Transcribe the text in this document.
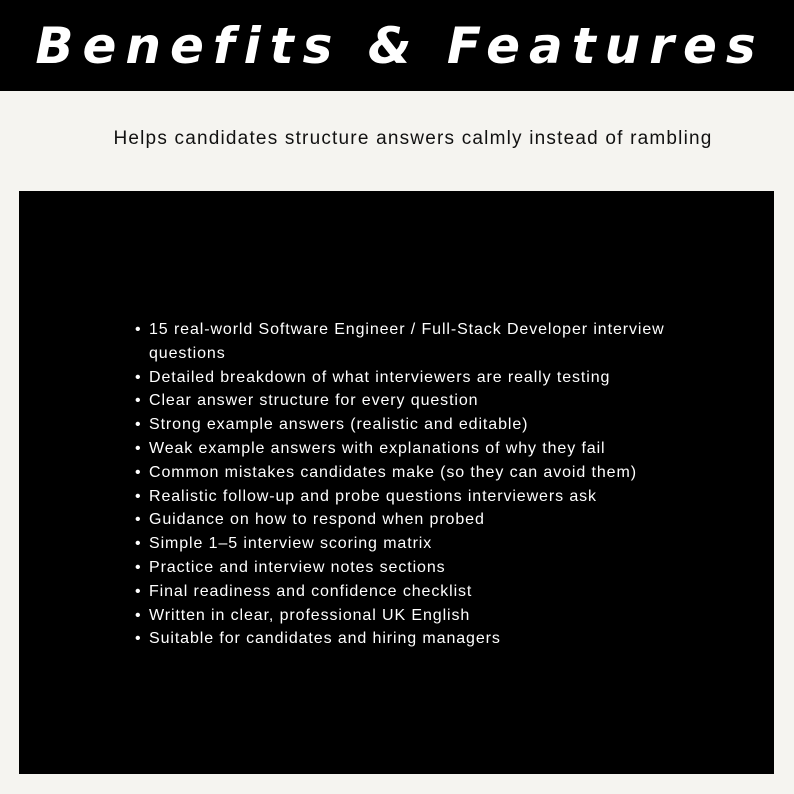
Benefits & Features
Helps candidates structure answers calmly instead of rambling
• 15 real-world Software Engineer / Full-Stack Developer interview questions
• Detailed breakdown of what interviewers are really testing
• Clear answer structure for every question
• Strong example answers (realistic and editable)
• Weak example answers with explanations of why they fail
• Common mistakes candidates make (so they can avoid them)
• Realistic follow-up and probe questions interviewers ask
• Guidance on how to respond when probed
• Simple 1–5 interview scoring matrix
• Practice and interview notes sections
• Final readiness and confidence checklist
• Written in clear, professional UK English
• Suitable for candidates and hiring managers
